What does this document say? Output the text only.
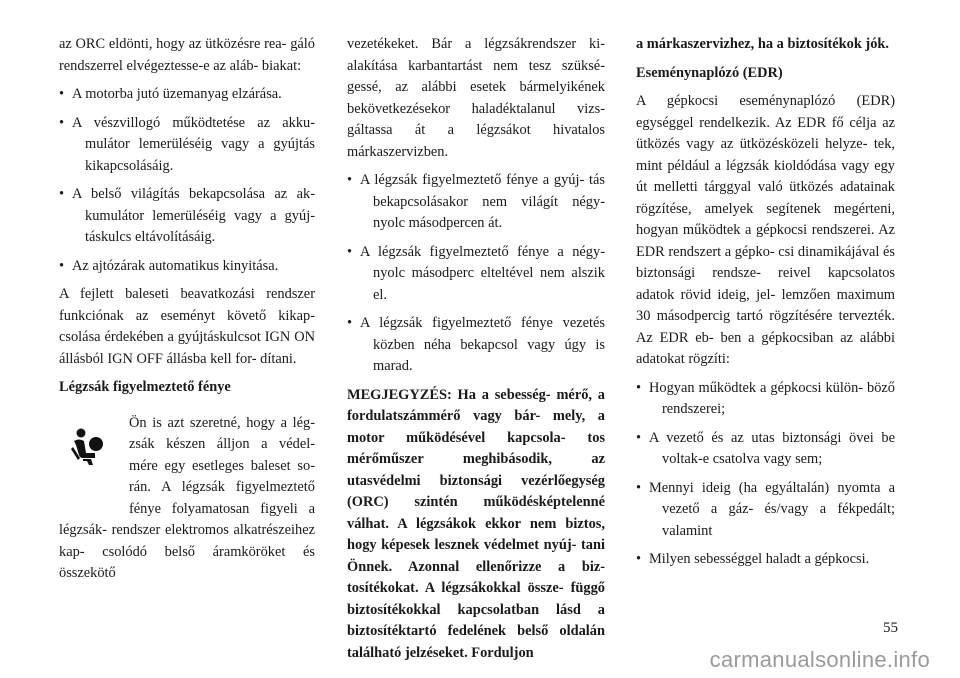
az ORC eldönti, hogy az ütközésre rea- gáló rendszerrel elvégeztesse-e az aláb- biakat:

• A motorba jutó üzemanyag elzárása.
• A vészvillogó működtetése az akku- mulátor lemerüléséig vagy a gyújtás kikapcsolásáig.
• A belső világítás bekapcsolása az ak- kumulátor lemerüléséig vagy a gyúj- táskulcs eltávolításáig.
• Az ajtózárak automatikus kinyitása.

A fejlett baleseti beavatkozási rendszer funkciónak az eseményt követő kikap- csolása érdekében a gyújtáskulcsot IGN ON állásból IGN OFF állásba kell for- dítani.

Légzsák figyelmeztető fénye

Ön is azt szeretné, hogy a lég- zsák készen álljon a védel- mére egy esetleges baleset so- rán. A légzsák figyelmeztető fénye folyamatosan figyeli a légzsák- rendszer elektromos alkatrészeihez kap- csolódó belső áramköröket és összekötő

vezetékeket. Bár a légzsákrendszer ki- alakítása karbantartást nem tesz szüksé- gessé, az alábbi esetek bármelyikének bekövetkezésekor haladéktalanul vizs- gáltassa át a légzsákot hivatalos márkaszervizben.

• A légzsák figyelmeztető fénye a gyúj- tás bekapcsolásakor nem világít négy- nyolc másodpercen át.
• A légzsák figyelmeztető fénye a négy- nyolc másodperc elteltével nem alszik el.
• A légzsák figyelmeztető fénye vezetés közben néha bekapcsol vagy úgy is marad.

MEGJEGYZÉS: Ha a sebesség- mérő, a fordulatszámmérő vagy bár- mely, a motor működésével kapcsola- tos mérőműszer meghibásodik, az utasvédelmi biztonsági vezérlőegység (ORC) szintén működésképtelenné válhat. A légzsákok ekkor nem biztos, hogy képesek lesznek védelmet nyúj- tani Önnek. Azonnal ellenőrizze a biz- tosítékokat. A légzsákokkal össze- függő biztosítékokkal kapcsolatban lásd a biztosítéktartó fedelének belső oldalán található jelzéseket. Forduljon

a márkaszervizhez, ha a biztosítékok jók.

Eseménynaplózó (EDR)

A gépkocsi eseménynaplózó (EDR) egységgel rendelkezik. Az EDR fő célja az ütközés vagy az ütközésközeli helyze- tek, mint például a légzsák kioldódása vagy egy út melletti tárggyal való ütközés adatainak rögzítése, amelyek segítenek megérteni, hogyan működtek a gépkocsi rendszerei. Az EDR rendszert a gépko- csi dinamikájával és biztonsági rendsze- reivel kapcsolatos adatok rövid ideig, jel- lemzően maximum 30 másodpercig tartó rögzítésére tervezték. Az EDR eb- ben a gépkocsiban az alábbi adatokat rögzíti:

• Hogyan működtek a gépkocsi külön- böző rendszerei;
• A vezető és az utas biztonsági övei be voltak-e csatolva vagy sem;
• Mennyi ideig (ha egyáltalán) nyomta a vezető a gáz- és/vagy a fékpedált; valamint
• Milyen sebességgel haladt a gépkocsi.
55
carmanualsonline.info
